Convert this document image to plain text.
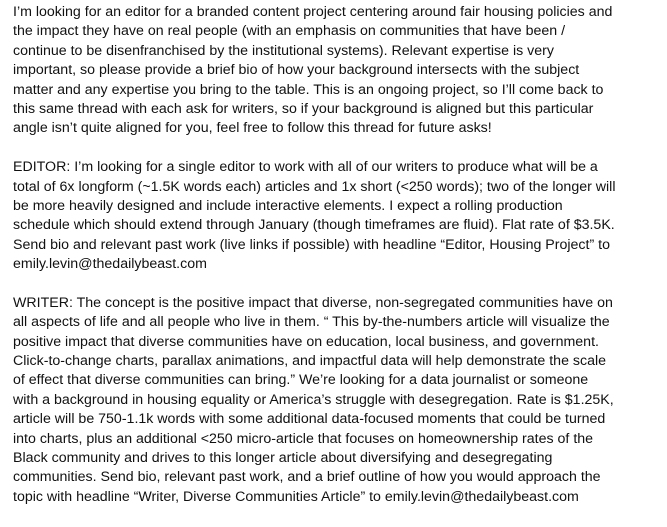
I’m looking for an editor for a branded content project centering around fair housing policies and
the impact they have on real people (with an emphasis on communities that have been /
continue to be disenfranchised by the institutional systems). Relevant expertise is very
important, so please provide a brief bio of how your background intersects with the subject
matter and any expertise you bring to the table. This is an ongoing project, so I’ll come back to
this same thread with each ask for writers, so if your background is aligned but this particular
angle isn’t quite aligned for you, feel free to follow this thread for future asks!
EDITOR: I’m looking for a single editor to work with all of our writers to produce what will be a
total of 6x longform (~1.5K words each) articles and 1x short (<250 words); two of the longer will
be more heavily designed and include interactive elements. I expect a rolling production
schedule which should extend through January (though timeframes are fluid). Flat rate of $3.5K.
Send bio and relevant past work (live links if possible) with headline “Editor, Housing Project” to
emily.levin@thedailybeast.com
WRITER: The concept is the positive impact that diverse, non-segregated communities have on
all aspects of life and all people who live in them. “ This by-the-numbers article will visualize the
positive impact that diverse communities have on education, local business, and government.
Click-to-change charts, parallax animations, and impactful data will help demonstrate the scale
of effect that diverse communities can bring.” We’re looking for a data journalist or someone
with a background in housing equality or America’s struggle with desegregation. Rate is $1.25K,
article will be 750-1.1k words with some additional data-focused moments that could be turned
into charts, plus an additional <250 micro-article that focuses on homeownership rates of the
Black community and drives to this longer article about diversifying and desegregating
communities. Send bio, relevant past work, and a brief outline of how you would approach the
topic with headline “Writer, Diverse Communities Article” to emily.levin@thedailybeast.com
